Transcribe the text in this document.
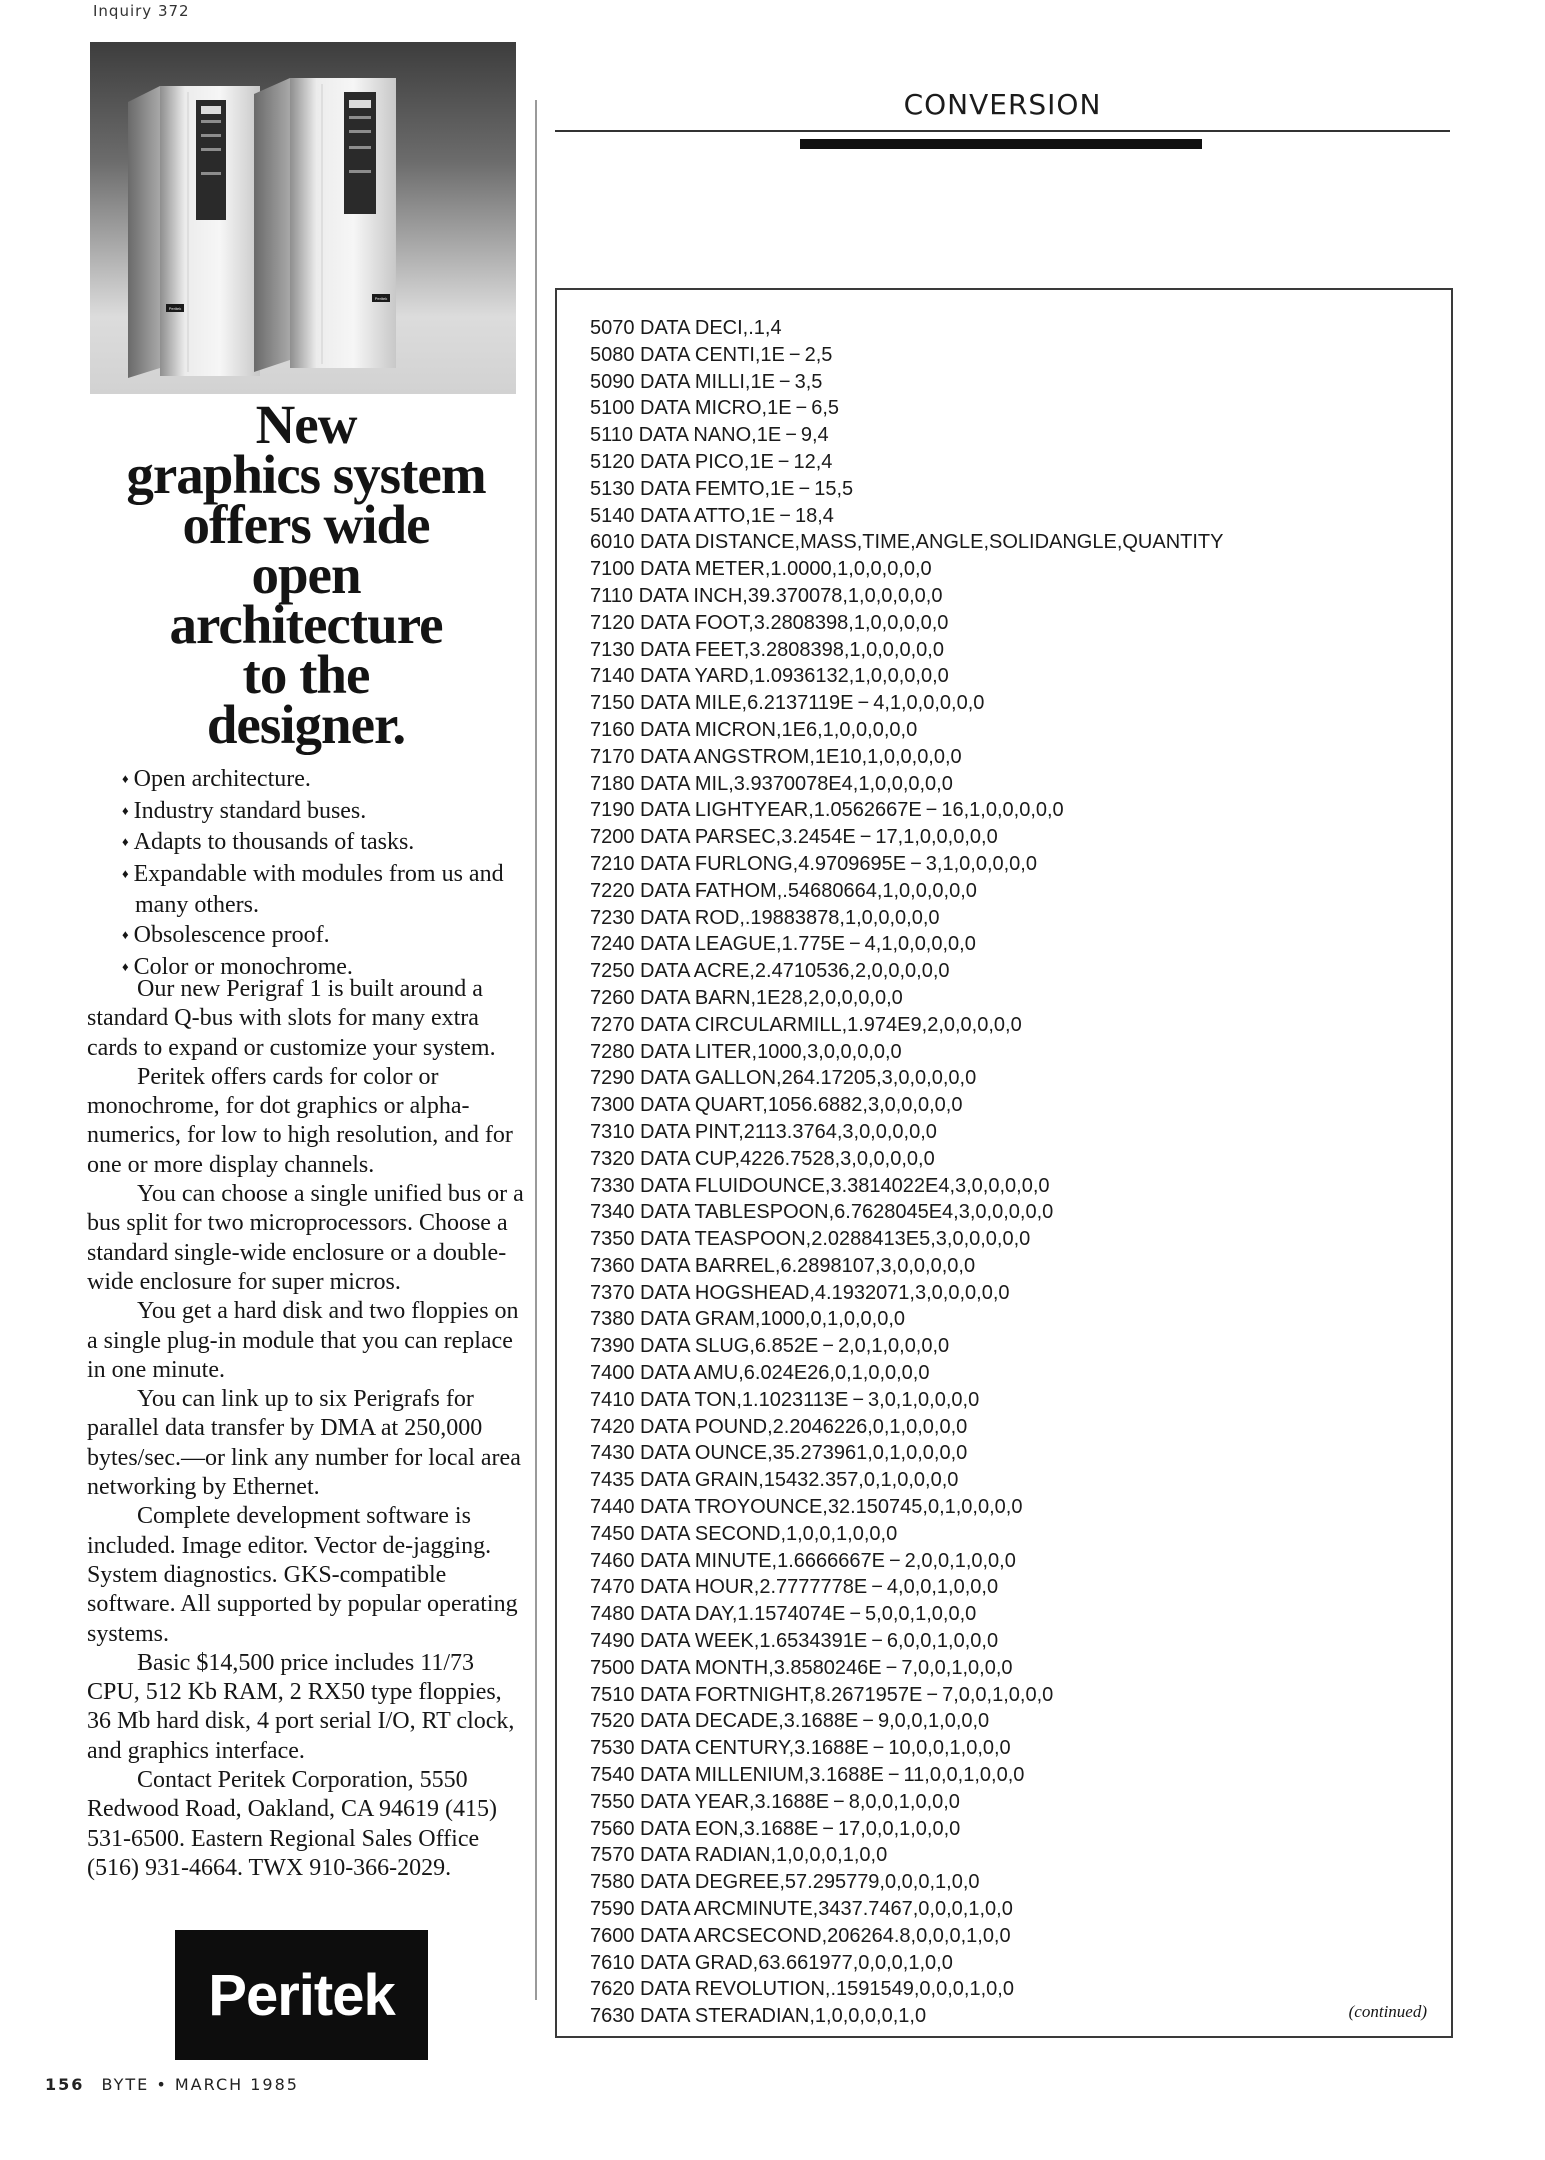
Inquiry 372
Peritek
Peritek
New
graphics system
offers wide
open
architecture
to the
designer.
♦ Open architecture.
♦ Industry standard buses.
♦ Adapts to thousands of tasks.
♦ Expandable with modules from us and many others.
♦ Obsolescence proof.
♦ Color or monochrome.

Our new Perigraf 1 is built around a standard Q-bus with slots for many extra cards to expand or customize your system.

Peritek offers cards for color or monochrome, for dot graphics or alpha-numerics, for low to high resolution, and for one or more display channels.

You can choose a single unified bus or a bus split for two microprocessors. Choose a standard single-wide enclosure or a double-wide enclosure for super micros.

You get a hard disk and two floppies on a single plug-in module that you can replace in one minute.

You can link up to six Perigrafs for parallel data transfer by DMA at 250,000 bytes/sec.—or link any number for local area networking by Ethernet.

Complete development software is included. Image editor. Vector de-jagging. System diagnostics. GKS-compatible software. All supported by popular operating systems.

Basic $14,500 price includes 11/73 CPU, 512 Kb RAM, 2 RX50 type floppies, 36 Mb hard disk, 4 port serial I/O, RT clock, and graphics interface.

Contact Peritek Corporation, 5550 Redwood Road, Oakland, CA 94619 (415) 531-6500. Eastern Regional Sales Office (516) 931-4664. TWX 910-366-2029.

Peritek
156 BYTE • MARCH 1985
CONVERSION
5070 DATA DECI,.1,4
5080 DATA CENTI,1E − 2,5
5090 DATA MILLI,1E − 3,5
5100 DATA MICRO,1E − 6,5
5110 DATA NANO,1E − 9,4
5120 DATA PICO,1E − 12,4
5130 DATA FEMTO,1E − 15,5
5140 DATA ATTO,1E − 18,4
6010 DATA DISTANCE,MASS,TIME,ANGLE,SOLIDANGLE,QUANTITY
7100 DATA METER,1.0000,1,0,0,0,0,0
7110 DATA INCH,39.370078,1,0,0,0,0,0
7120 DATA FOOT,3.2808398,1,0,0,0,0,0
7130 DATA FEET,3.2808398,1,0,0,0,0,0
7140 DATA YARD,1.0936132,1,0,0,0,0,0
7150 DATA MILE,6.2137119E − 4,1,0,0,0,0,0
7160 DATA MICRON,1E6,1,0,0,0,0,0
7170 DATA ANGSTROM,1E10,1,0,0,0,0,0
7180 DATA MIL,3.9370078E4,1,0,0,0,0,0
7190 DATA LIGHTYEAR,1.0562667E − 16,1,0,0,0,0,0
7200 DATA PARSEC,3.2454E − 17,1,0,0,0,0,0
7210 DATA FURLONG,4.9709695E − 3,1,0,0,0,0,0
7220 DATA FATHOM,.54680664,1,0,0,0,0,0
7230 DATA ROD,.19883878,1,0,0,0,0,0
7240 DATA LEAGUE,1.775E − 4,1,0,0,0,0,0
7250 DATA ACRE,2.4710536,2,0,0,0,0,0
7260 DATA BARN,1E28,2,0,0,0,0,0
7270 DATA CIRCULARMILL,1.974E9,2,0,0,0,0,0
7280 DATA LITER,1000,3,0,0,0,0,0
7290 DATA GALLON,264.17205,3,0,0,0,0,0
7300 DATA QUART,1056.6882,3,0,0,0,0,0
7310 DATA PINT,2113.3764,3,0,0,0,0,0
7320 DATA CUP,4226.7528,3,0,0,0,0,0
7330 DATA FLUIDOUNCE,3.3814022E4,3,0,0,0,0,0
7340 DATA TABLESPOON,6.7628045E4,3,0,0,0,0,0
7350 DATA TEASPOON,2.0288413E5,3,0,0,0,0,0
7360 DATA BARREL,6.2898107,3,0,0,0,0,0
7370 DATA HOGSHEAD,4.1932071,3,0,0,0,0,0
7380 DATA GRAM,1000,0,1,0,0,0,0
7390 DATA SLUG,6.852E − 2,0,1,0,0,0,0
7400 DATA AMU,6.024E26,0,1,0,0,0,0
7410 DATA TON,1.1023113E − 3,0,1,0,0,0,0
7420 DATA POUND,2.2046226,0,1,0,0,0,0
7430 DATA OUNCE,35.273961,0,1,0,0,0,0
7435 DATA GRAIN,15432.357,0,1,0,0,0,0
7440 DATA TROYOUNCE,32.150745,0,1,0,0,0,0
7450 DATA SECOND,1,0,0,1,0,0,0
7460 DATA MINUTE,1.6666667E − 2,0,0,1,0,0,0
7470 DATA HOUR,2.7777778E − 4,0,0,1,0,0,0
7480 DATA DAY,1.1574074E − 5,0,0,1,0,0,0
7490 DATA WEEK,1.6534391E − 6,0,0,1,0,0,0
7500 DATA MONTH,3.8580246E − 7,0,0,1,0,0,0
7510 DATA FORTNIGHT,8.2671957E − 7,0,0,1,0,0,0
7520 DATA DECADE,3.1688E − 9,0,0,1,0,0,0
7530 DATA CENTURY,3.1688E − 10,0,0,1,0,0,0
7540 DATA MILLENIUM,3.1688E − 11,0,0,1,0,0,0
7550 DATA YEAR,3.1688E − 8,0,0,1,0,0,0
7560 DATA EON,3.1688E − 17,0,0,1,0,0,0
7570 DATA RADIAN,1,0,0,0,1,0,0
7580 DATA DEGREE,57.295779,0,0,0,1,0,0
7590 DATA ARCMINUTE,3437.7467,0,0,0,1,0,0
7600 DATA ARCSECOND,206264.8,0,0,0,1,0,0
7610 DATA GRAD,63.661977,0,0,0,1,0,0
7620 DATA REVOLUTION,.1591549,0,0,0,1,0,0
7630 DATA STERADIAN,1,0,0,0,0,1,0	(continued)
